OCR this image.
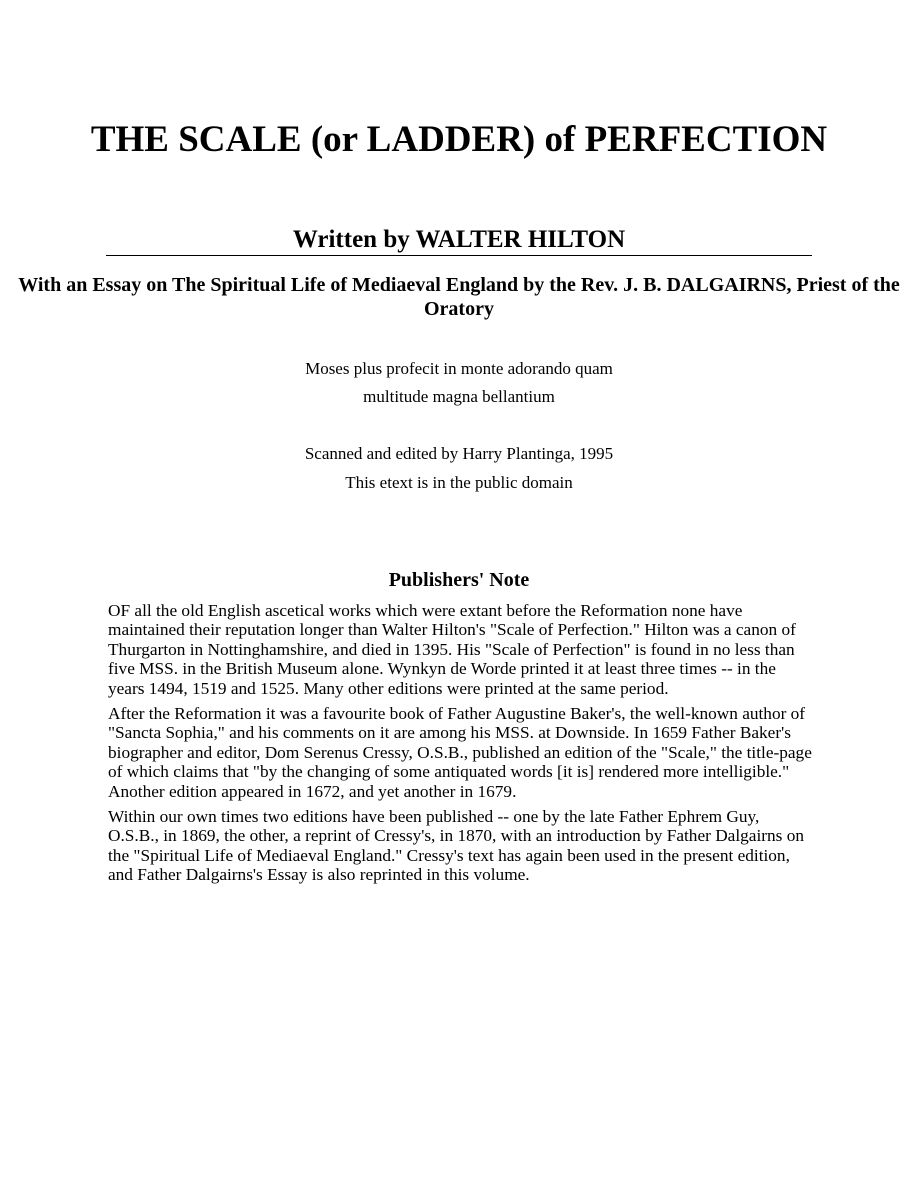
THE SCALE (or LADDER) of PERFECTION
Written by WALTER HILTON
With an Essay on The Spiritual Life of Mediaeval England by the Rev. J. B. DALGAIRNS, Priest of the Oratory

Moses plus profecit in monte adorando quam

multitude magna bellantium

Scanned and edited by Harry Plantinga, 1995

This etext is in the public domain

Publishers' Note

OF all the old English ascetical works which were extant before the Reformation none have maintained their reputation longer than Walter Hilton's "Scale of Perfection." Hilton was a canon of Thurgarton in Nottinghamshire, and died in 1395. His "Scale of Perfection" is found in no less than five MSS. in the British Museum alone. Wynkyn de Worde printed it at least three times -- in the years 1494, 1519 and 1525. Many other editions were printed at the same period.

After the Reformation it was a favourite book of Father Augustine Baker's, the well-known author of "Sancta Sophia," and his comments on it are among his MSS. at Downside. In 1659 Father Baker's biographer and editor, Dom Serenus Cressy, O.S.B., published an edition of the "Scale," the title-page of which claims that "by the changing of some antiquated words [it is] rendered more intelligible." Another edition appeared in 1672, and yet another in 1679.

Within our own times two editions have been published -- one by the late Father Ephrem Guy, O.S.B., in 1869, the other, a reprint of Cressy's, in 1870, with an introduction by Father Dalgairns on the "Spiritual Life of Mediaeval England." Cressy's text has again been used in the present edition, and Father Dalgairns's Essay is also reprinted in this volume.
